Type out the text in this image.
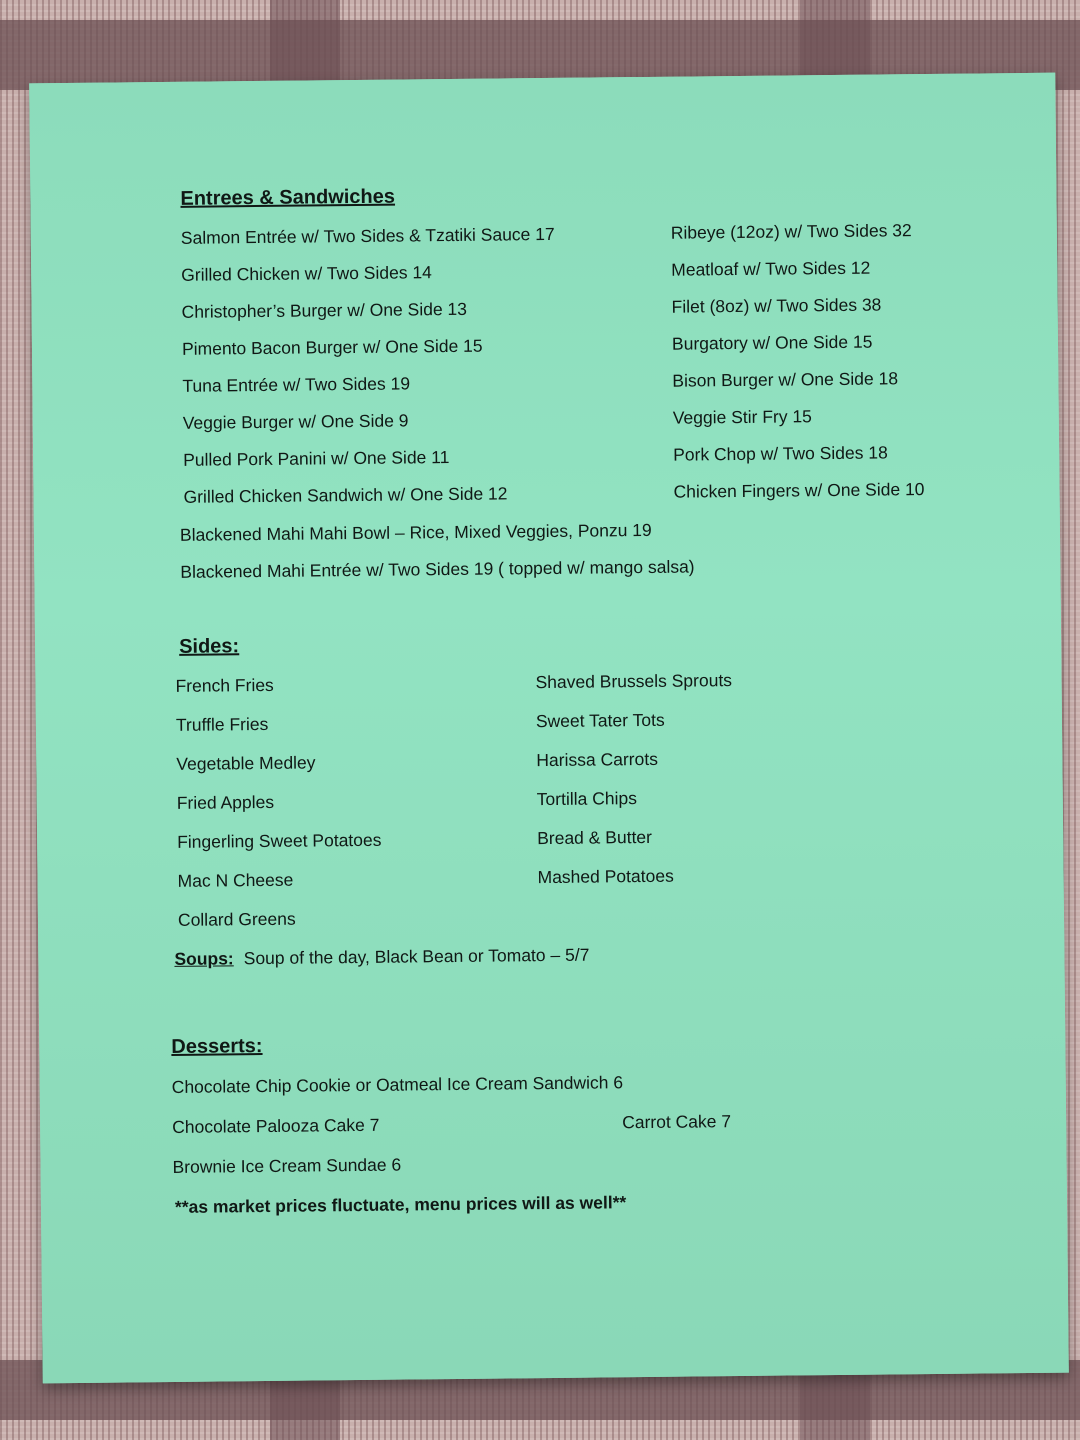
Entrees & Sandwiches

Salmon Entrée w/ Two Sides & Tzatiki Sauce 17

Grilled Chicken w/ Two Sides 14

Christopher’s Burger w/ One Side 13

Pimento Bacon Burger w/ One Side 15

Tuna Entrée w/ Two Sides 19

Veggie Burger w/ One Side 9

Pulled Pork Panini w/ One Side 11

Grilled Chicken Sandwich w/ One Side 12

Ribeye (12oz) w/ Two Sides 32

Meatloaf w/ Two Sides 12

Filet (8oz) w/ Two Sides 38

Burgatory w/ One Side 15

Bison Burger w/ One Side 18

Veggie Stir Fry 15

Pork Chop w/ Two Sides 18

Chicken Fingers w/ One Side 10

Blackened Mahi Mahi Bowl – Rice, Mixed Veggies, Ponzu 19

Blackened Mahi Entrée w/ Two Sides 19 ( topped w/ mango salsa)

Sides:

French Fries

Truffle Fries

Vegetable Medley

Fried Apples

Fingerling Sweet Potatoes

Mac N Cheese

Collard Greens

Shaved Brussels Sprouts

Sweet Tater Tots

Harissa Carrots

Tortilla Chips

Bread & Butter

Mashed Potatoes

Soups: Soup of the day, Black Bean or Tomato – 5/7

Desserts:

Chocolate Chip Cookie or Oatmeal Ice Cream Sandwich 6

Chocolate Palooza Cake 7	Carrot Cake 7

Brownie Ice Cream Sundae 6

**as market prices fluctuate, menu prices will as well**
